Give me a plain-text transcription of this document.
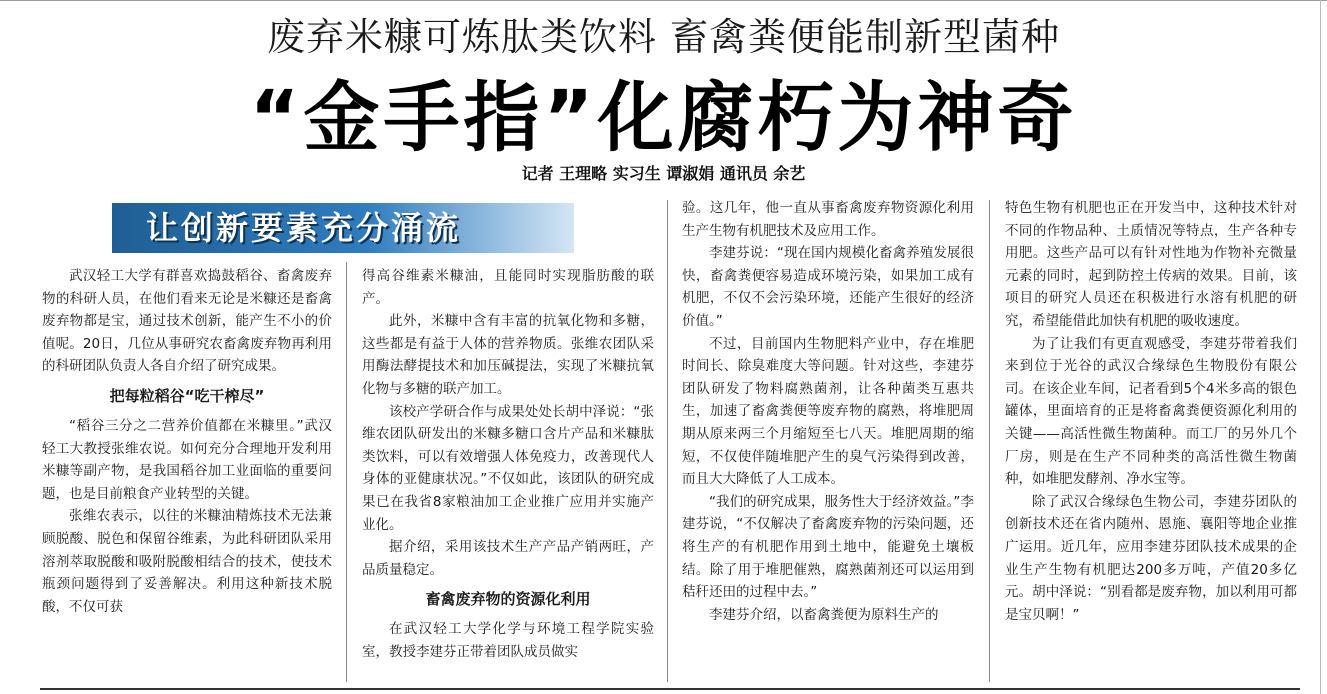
废弃米糠可炼肽类饮料 畜禽粪便能制新型菌种
“金手指”化腐朽为神奇
记者 王理略 实习生 谭淑娟 通讯员 余艺
让创新要素充分涌流

武汉轻工大学有群喜欢捣鼓稻谷、畜禽废弃物的科研人员，在他们看来无论是米糠还是畜禽废弃物都是宝，通过技术创新，能产生不小的价值呢。20日，几位从事研究农畜禽废弃物再利用的科研团队负责人各自介绍了研究成果。

把每粒稻谷“吃干榨尽”

“稻谷三分之二营养价值都在米糠里。”武汉轻工大教授张维农说。如何充分合理地开发利用米糠等副产物，是我国稻谷加工业面临的重要问题，也是目前粮食产业转型的关键。

张维农表示，以往的米糠油精炼技术无法兼顾脱酸、脱色和保留谷维素，为此科研团队采用溶剂萃取脱酸和吸附脱酸相结合的技术，使技术瓶颈问题得到了妥善解决。利用这种新技术脱酸，不仅可获

得高谷维素米糠油，且能同时实现脂肪酸的联产。

此外，米糠中含有丰富的抗氧化物和多糖，这些都是有益于人体的营养物质。张维农团队采用酶法酵提技术和加压碱提法，实现了米糠抗氧化物与多糖的联产加工。

该校产学研合作与成果处处长胡中泽说：“张维农团队研发出的米糠多糖口含片产品和米糠肽类饮料，可以有效增强人体免疫力，改善现代人身体的亚健康状况。”不仅如此，该团队的研究成果已在我省8家粮油加工企业推广应用并实施产业化。

据介绍，采用该技术生产产品产销两旺，产品质量稳定。

畜禽废弃物的资源化利用

在武汉轻工大学化学与环境工程学院实验室，教授李建芬正带着团队成员做实

验。这几年，他一直从事畜禽废弃物资源化利用生产生物有机肥技术及应用工作。

李建芬说：“现在国内规模化畜禽养殖发展很快，畜禽粪便容易造成环境污染，如果加工成有机肥，不仅不会污染环境，还能产生很好的经济价值。”

不过，目前国内生物肥料产业中，存在堆肥时间长、除臭难度大等问题。针对这些，李建芬团队研发了物料腐熟菌剂，让各种菌类互惠共生，加速了畜禽粪便等废弃物的腐熟，将堆肥周期从原来两三个月缩短至七八天。堆肥周期的缩短，不仅使伴随堆肥产生的臭气污染得到改善，而且大大降低了人工成本。

“我们的研究成果，服务性大于经济效益。”李建芬说，“不仅解决了畜禽废弃物的污染问题，还将生产的有机肥作用到土地中，能避免土壤板结。除了用于堆肥催熟，腐熟菌剂还可以运用到秸秆还田的过程中去。”

李建芬介绍，以畜禽粪便为原料生产的

特色生物有机肥也正在开发当中，这种技术针对不同的作物品种、土质情况等特点，生产各种专用肥。这些产品可以有针对性地为作物补充微量元素的同时，起到防控土传病的效果。目前，该项目的研究人员还在积极进行水溶有机肥的研究，希望能借此加快有机肥的吸收速度。

为了让我们有更直观感受，李建芬带着我们来到位于光谷的武汉合缘绿色生物股份有限公司。在该企业车间，记者看到5个4米多高的银色罐体，里面培育的正是将畜禽粪便资源化利用的关键——高活性微生物菌种。而工厂的另外几个厂房，则是在生产不同种类的高活性微生物菌种，如堆肥发酵剂、净水宝等。

除了武汉合缘绿色生物公司，李建芬团队的创新技术还在省内随州、恩施、襄阳等地企业推广运用。近几年，应用李建芬团队技术成果的企业生产生物有机肥达200多万吨，产值20多亿元。胡中泽说：“别看都是废弃物，加以利用可都是宝贝啊！”
